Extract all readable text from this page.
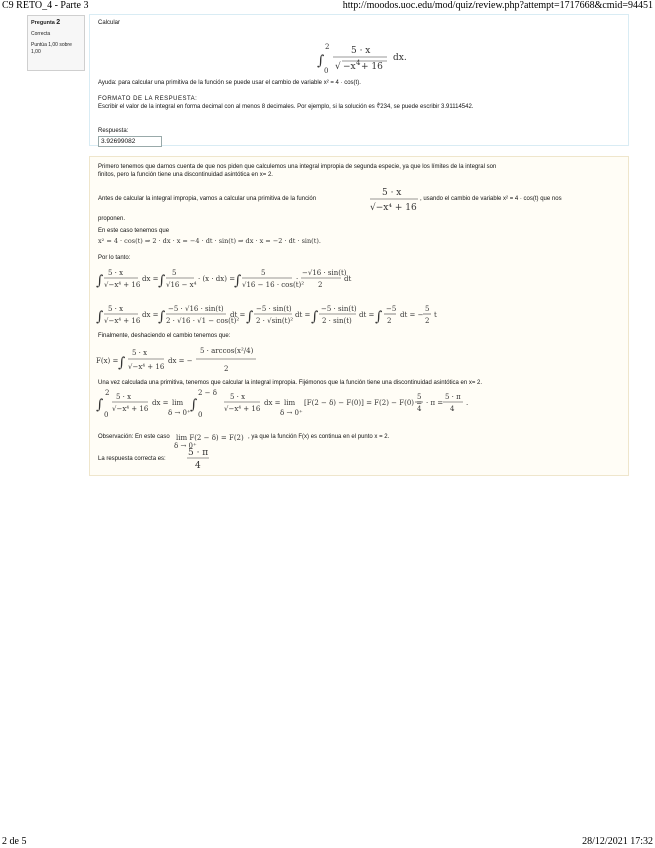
C9 RETO_4 - Parte 3	http://moodos.uoc.edu/mod/quiz/review.php?attempt=1717668&cmid=94451
Pregunta 2
Correcta
Puntúa 1,00 sobre 1,00
Calcular
∫
2
0
5 · x
√ −x 4 + 16
dx.
Ayuda: para calcular una primitiva de la función se puede usar el cambio de variable x² = 4 · cos(t).
FORMATO DE LA RESPUESTA:
Escribir el valor de la integral en forma decimal con al menos 8 decimales. Por ejemplo, si la solución es ∜234, se puede escribir 3.91114542.
Respuesta:
3.92699082
Primero tenemos que darnos cuenta de que nos piden que calculemos una integral impropia de segunda especie, ya que los límites de la integral son
finitos, pero la función tiene una discontinuidad asintótica en x= 2.
Antes de calcular la integral impropia, vamos a calcular una primitiva de la función	, usando el cambio de variable x² = 4 · cos(t) que nos
5 · x
√−x⁴ + 16
proponen.
En este caso tenemos que
x² = 4 · cos(t) ⇒ 2 · dx · x = −4 · dt · sin(t) ⇒ dx · x = −2 · dt · sin(t).
Por lo tanto:
∫ 5 · x
√−x⁴ + 16
dx = ∫ 5
√16 − x⁴
· (x · dx) =
∫	5
√16 − 16 · cos(t)²
·
−√16 · sin(t)
2
dt
∫ 5 · x
√−x⁴ + 16
dx = ∫ −5 · √16 · sin(t)
2 · √16 · √1 − cos(t)²
dt = ∫ −5 · sin(t)
2 · √sin(t)²
dt = ∫ −5 · sin(t)
2 · sin(t)
dt = ∫ −5
2
dt = −
5
2
t
Finalmente, deshaciendo el cambio tenemos que:
F(x) = ∫
5 · x
√−x⁴ + 16
dx = −
5 · arccos(x²/4)
2
Una vez calculada una primitiva, tenemos que calcular la integral impropia. Fijémonos que la función tiene una discontinuidad asintótica en x= 2.
∫
2
0
5 · x
√−x⁴ + 16
dx = lim
δ → 0⁺ ∫
2 − δ
0
5 · x
√−x⁴ + 16
dx = lim
δ → 0⁺
[F(2 − δ) − F(0)] = F(2) − F(0) =
5
4
· π =
5 · π
4
.
Observación: En este caso lim F(2 − δ) = F(2)
δ → 0⁺
, ya que la función F(x) es continua en el punto x = 2.
La respuesta correcta es:
5 · π
4
2 de 5	28/12/2021 17:32
